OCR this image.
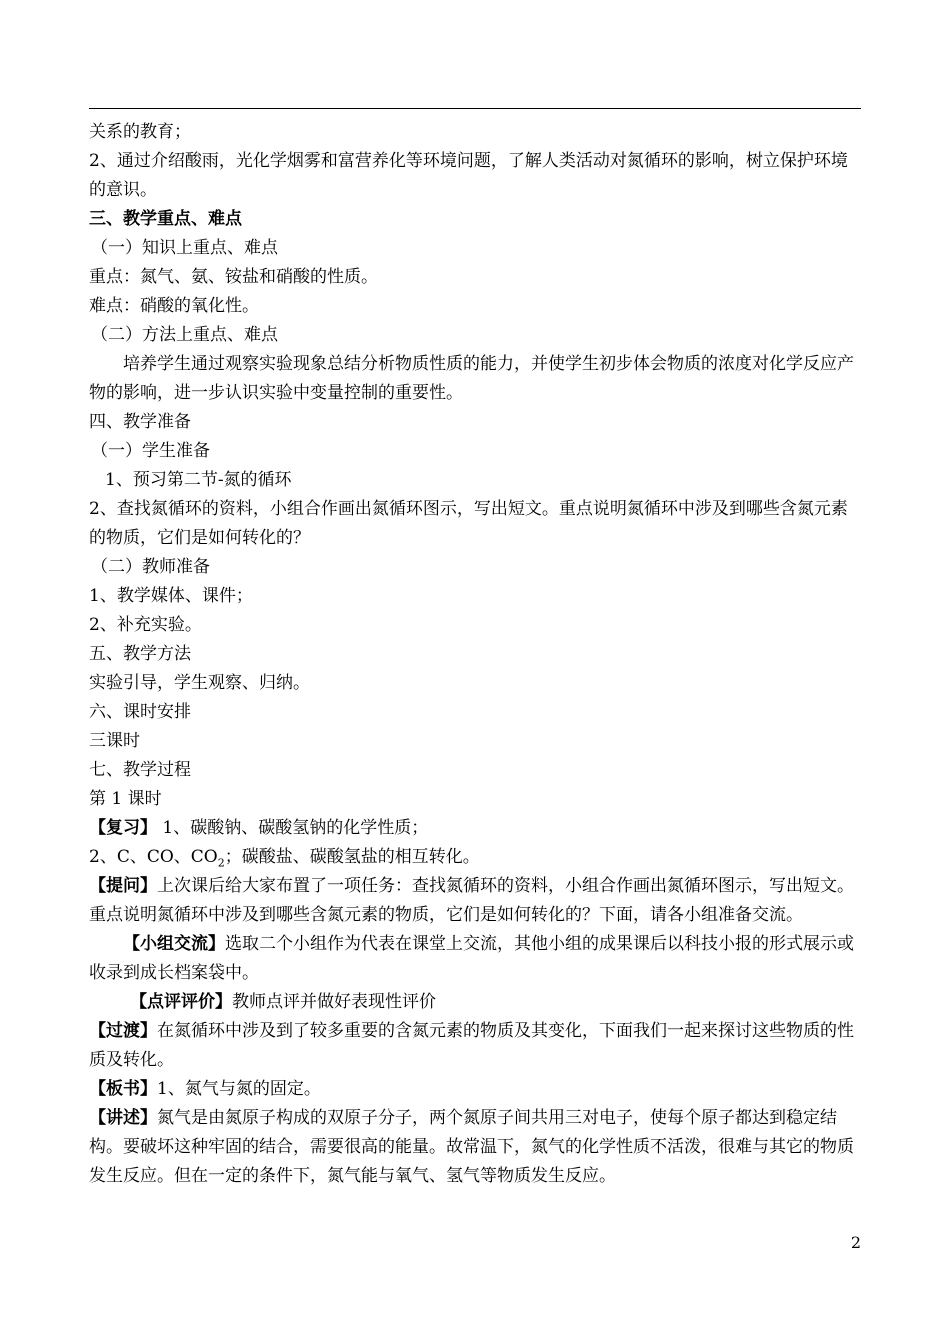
关系的教育；

2、通过介绍酸雨，光化学烟雾和富营养化等环境问题，了解人类活动对氮循环的影响，树立保护环境的意识。

三、教学重点、难点

（一）知识上重点、难点

重点：氮气、氨、铵盐和硝酸的性质。

难点：硝酸的氧化性。

（二）方法上重点、难点

培养学生通过观察实验现象总结分析物质性质的能力，并使学生初步体会物质的浓度对化学反应产物的影响，进一步认识实验中变量控制的重要性。

四、教学准备

（一）学生准备

1、预习第二节-氮的循环

2、查找氮循环的资料，小组合作画出氮循环图示，写出短文。重点说明氮循环中涉及到哪些含氮元素的物质，它们是如何转化的？

（二）教师准备

1、教学媒体、课件；

2、补充实验。

五、教学方法

实验引导，学生观察、归纳。

六、课时安排

三课时

七、教学过程

第 1 课时

【复习】 1、碳酸钠、碳酸氢钠的化学性质；

2、C、CO、$CO_2$；碳酸盐、碳酸氢盐的相互转化。

【提问】上次课后给大家布置了一项任务：查找氮循环的资料，小组合作画出氮循环图示，写出短文。重点说明氮循环中涉及到哪些含氮元素的物质，它们是如何转化的？下面，请各小组准备交流。

【小组交流】选取二个小组作为代表在课堂上交流，其他小组的成果课后以科技小报的形式展示或收录到成长档案袋中。

【点评评价】教师点评并做好表现性评价

【过渡】在氮循环中涉及到了较多重要的含氮元素的物质及其变化，下面我们一起来探讨这些物质的性质及转化。

【板书】1、氮气与氮的固定。

【讲述】氮气是由氮原子构成的双原子分子，两个氮原子间共用三对电子，使每个原子都达到稳定结构。要破坏这种牢固的结合，需要很高的能量。故常温下，氮气的化学性质不活泼，很难与其它的物质发生反应。但在一定的条件下，氮气能与氧气、氢气等物质发生反应。

2
